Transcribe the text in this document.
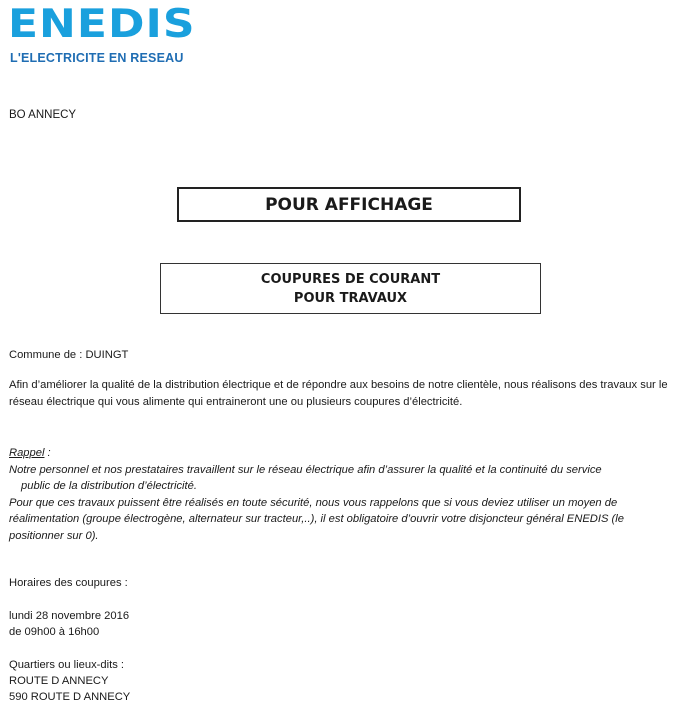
ENEDIS
L'ELECTRICITE EN RESEAU
BO ANNECY
POUR AFFICHAGE
COUPURES DE COURANT
POUR TRAVAUX
Commune de : DUINGT
Afin d’améliorer la qualité de la distribution électrique et de répondre aux besoins de notre clientèle, nous réalisons des travaux sur le réseau électrique qui vous alimente qui entraineront une ou plusieurs coupures d’électricité.
Rappel :
Notre personnel et nos prestataires travaillent sur le réseau électrique afin d’assurer la qualité et la continuité du service
public de la distribution d’électricité.
Pour que ces travaux puissent être réalisés en toute sécurité, nous vous rappelons que si vous deviez utiliser un moyen de réalimentation (groupe électrogène, alternateur sur tracteur,..), il est obligatoire d’ouvrir votre disjoncteur général ENEDIS (le positionner sur 0).
Horaires des coupures :
lundi 28 novembre 2016
de 09h00 à 16h00
Quartiers ou lieux-dits :
ROUTE D ANNECY
590 ROUTE D ANNECY
